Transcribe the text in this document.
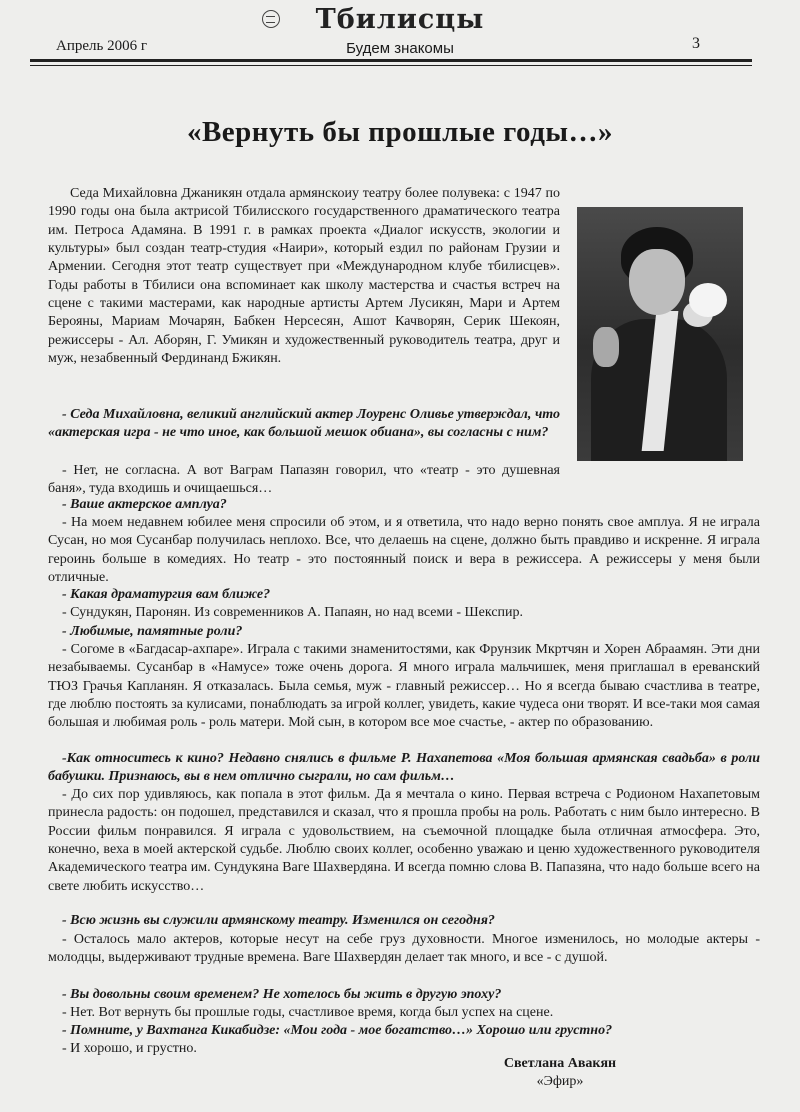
Тбилисцы
Апрель 2006 г	Будем знакомы	3
«Вернуть бы прошлые годы…»

Седа Михайловна Джаникян отдала армянскоиу театру более полувека: с 1947 по 1990 годы она была актрисой Тбилисского государственного драматического театра им. Петроса Адамяна. В 1991 г. в рамках проекта «Диалог искусств, экологии и культуры» был создан театр-студия «Наири», который ездил по районам Грузии и Армении. Сегодня этот театр существует при «Международном клубе тбилисцев». Годы работы в Тбилиси она вспоминает как школу мастерства и счастья встреч на сцене с такими мастерами, как народные артисты Артем Лусикян, Мари и Артем Берояны, Мариам Мочарян, Бабкен Нерсесян, Ашот Качворян, Серик Шекоян, режиссеры - Ал. Аборян, Г. Умикян и художественный руководитель театра, друг и муж, незабвенный Фердинанд Бжикян.

- Седа Михайловна, великий английский актер Лоуренс Оливье утверждал, что «актерская игра - не что иное, как большой мешок обиана», вы согласны с ним?

- Нет, не согласна. А вот Ваграм Папазян говорил, что «театр - это душевная баня», туда входишь и очищаешься…

- Ваше актерское амплуа?

- На моем недавнем юбилее меня спросили об этом, и я ответила, что надо верно понять свое амплуа. Я не играла Сусан, но моя Сусанбар получилась неплохо. Все, что делаешь на сцене, должно быть правдиво и искренне. Я играла героинь больше в комедиях. Но театр - это постоянный поиск и вера в режиссера. А режиссеры у меня были отличные.

- Какая драматургия вам ближе?

- Сундукян, Паронян. Из современников А. Папаян, но над всеми - Шекспир.

- Любимые, памятные роли?

- Согоме в «Багдасар-ахпаре». Играла с такими знаменитостями, как Фрунзик Мкртчян и Хорен Абраамян. Эти дни незабываемы. Сусанбар в «Намусе» тоже очень дорога. Я много играла мальчишек, меня приглашал в ереванский ТЮЗ Грачья Капланян. Я отказалась. Была семья, муж - главный режиссер… Но я всегда бываю счастлива в театре, где люблю постоять за кулисами, понаблюдать за игрой коллег, увидеть, какие чудеса они творят. И все-таки моя самая большая и любимая роль - роль матери. Мой сын, в котором все мое счастье, - актер по образованию.

-Как относитесь к кино? Недавно снялись в фильме Р. Нахапетова «Моя большая армянская свадьба» в роли бабушки. Признаюсь, вы в нем отлично сыграли, но сам фильм…

- До сих пор удивляюсь, как попала в этот фильм. Да я мечтала о кино. Первая встреча с Родионом Нахапетовым принесла радость: он подошел, представился и сказал, что я прошла пробы на роль. Работать с ним было интересно. В России фильм понравился. Я играла с удовольствием, на съемочной площадке была отличная атмосфера. Это, конечно, веха в моей актерской судьбе. Люблю своих коллег, особенно уважаю и ценю художественного руководителя Академического театра им. Сундукяна Ваге Шахвердяна. И всегда помню слова В. Папазяна, что надо больше всего на свете любить искусство…

- Всю жизнь вы служили армянскому театру. Изменился он сегодня?

- Осталось мало актеров, которые несут на себе груз духовности. Многое изменилось, но молодые актеры - молодцы, выдерживают трудные времена. Ваге Шахвердян делает так много, и все - с душой.

- Вы довольны своим временем? Не хотелось бы жить в другую эпоху?

- Нет. Вот вернуть бы прошлые годы, счастливое время, когда был успех на сцене.

- Помните, у Вахтанга Кикабидзе: «Мои года - мое богатство…» Хорошо или грустно?

- И хорошо, и грустно.

Светлана Авакян
«Эфир»
